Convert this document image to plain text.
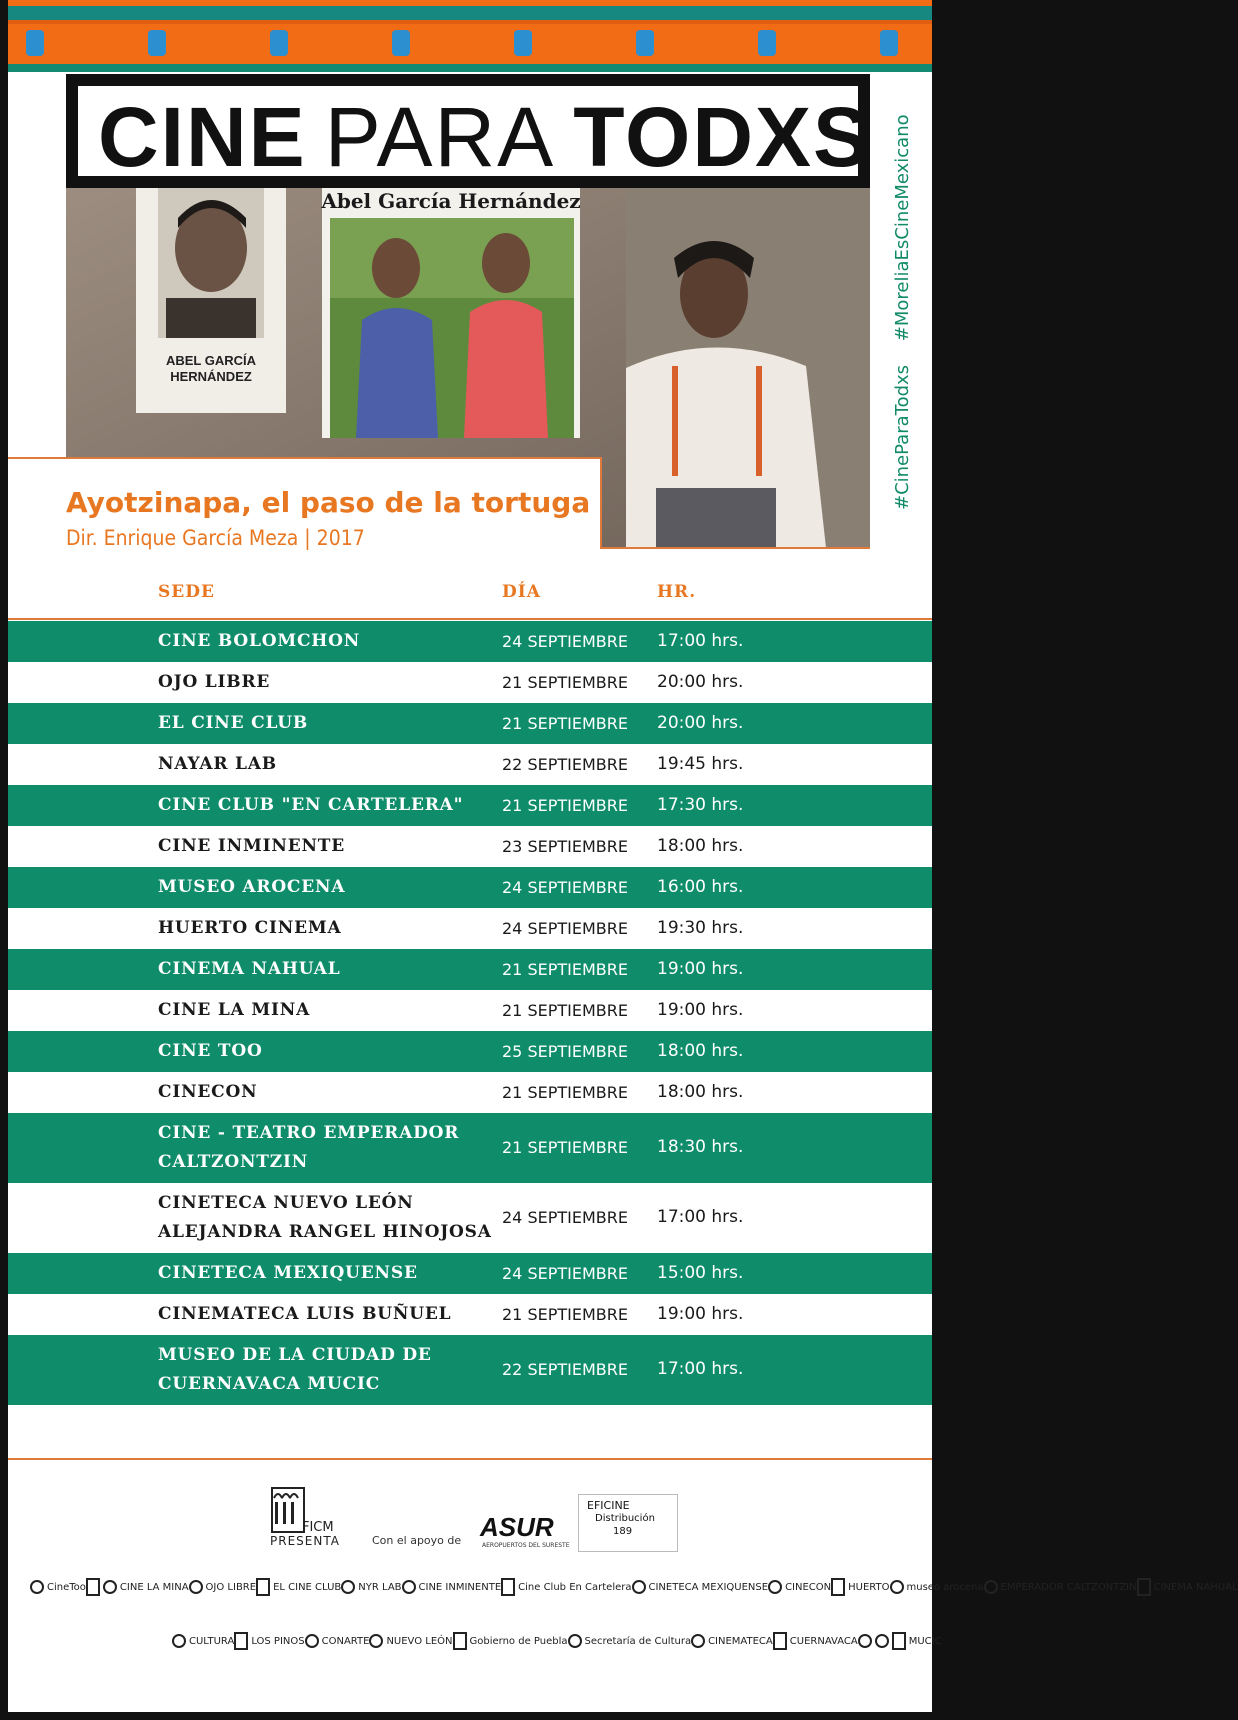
CINE PARA TODXS
ABEL GARCÍA
HERNÁNDEZ
Abel García Hernández
Ayotzinapa, el paso de la tortuga
Dir. Enrique García Meza | 2017
#CineParaTodxs #MoreliaEsCineMexicano
SEDE	DÍA	HR.
CINE BOLOMCHON	24 SEPTIEMBRE 17:00 hrs.
OJO LIBRE	21 SEPTIEMBRE 20:00 hrs.
EL CINE CLUB	21 SEPTIEMBRE 20:00 hrs.
NAYAR LAB	22 SEPTIEMBRE 19:45 hrs.
CINE CLUB "EN CARTELERA" 21 SEPTIEMBRE 17:30 hrs.
CINE INMINENTE	23 SEPTIEMBRE 18:00 hrs.
MUSEO AROCENA	24 SEPTIEMBRE 16:00 hrs.
HUERTO CINEMA	24 SEPTIEMBRE 19:30 hrs.
CINEMA NAHUAL	21 SEPTIEMBRE 19:00 hrs.
CINE LA MINA	21 SEPTIEMBRE 19:00 hrs.
CINE TOO	25 SEPTIEMBRE 18:00 hrs.
CINECON	21 SEPTIEMBRE 18:00 hrs.
CINE - TEATRO EMPERADOR
CALTZONTZIN
21 SEPTIEMBRE 18:30 hrs.
CINETECA NUEVO LEÓN
ALEJANDRA RANGEL HINOJOSA
24 SEPTIEMBRE 17:00 hrs.
CINETECA MEXIQUENSE	24 SEPTIEMBRE 15:00 hrs.
CINEMATECA LUIS BUÑUEL	21 SEPTIEMBRE 19:00 hrs.
MUSEO DE LA CIUDAD DE
CUERNAVACA MUCIC
22 SEPTIEMBRE 17:00 hrs.
FICM
PRESENTA	Con el apoyo de ASUR
AEROPUERTOS DEL SURESTE
EFICINE
Distribución
189
CineToo	CINE LA MINA OJO LIBRE EL CINE CLUB NYR LAB CINE INMINENTE Cine Club En Cartelera CINETECA MEXIQUENSE CINECON HUERTO museo arocena EMPERADOR CALTZONTZIN CINEMA NAHUAL
CULTURA LOS PINOS CONARTE NUEVO LEÓN Gobierno de Puebla Secretaría de Cultura CINEMATECA CUERNAVACA	MUCIC
